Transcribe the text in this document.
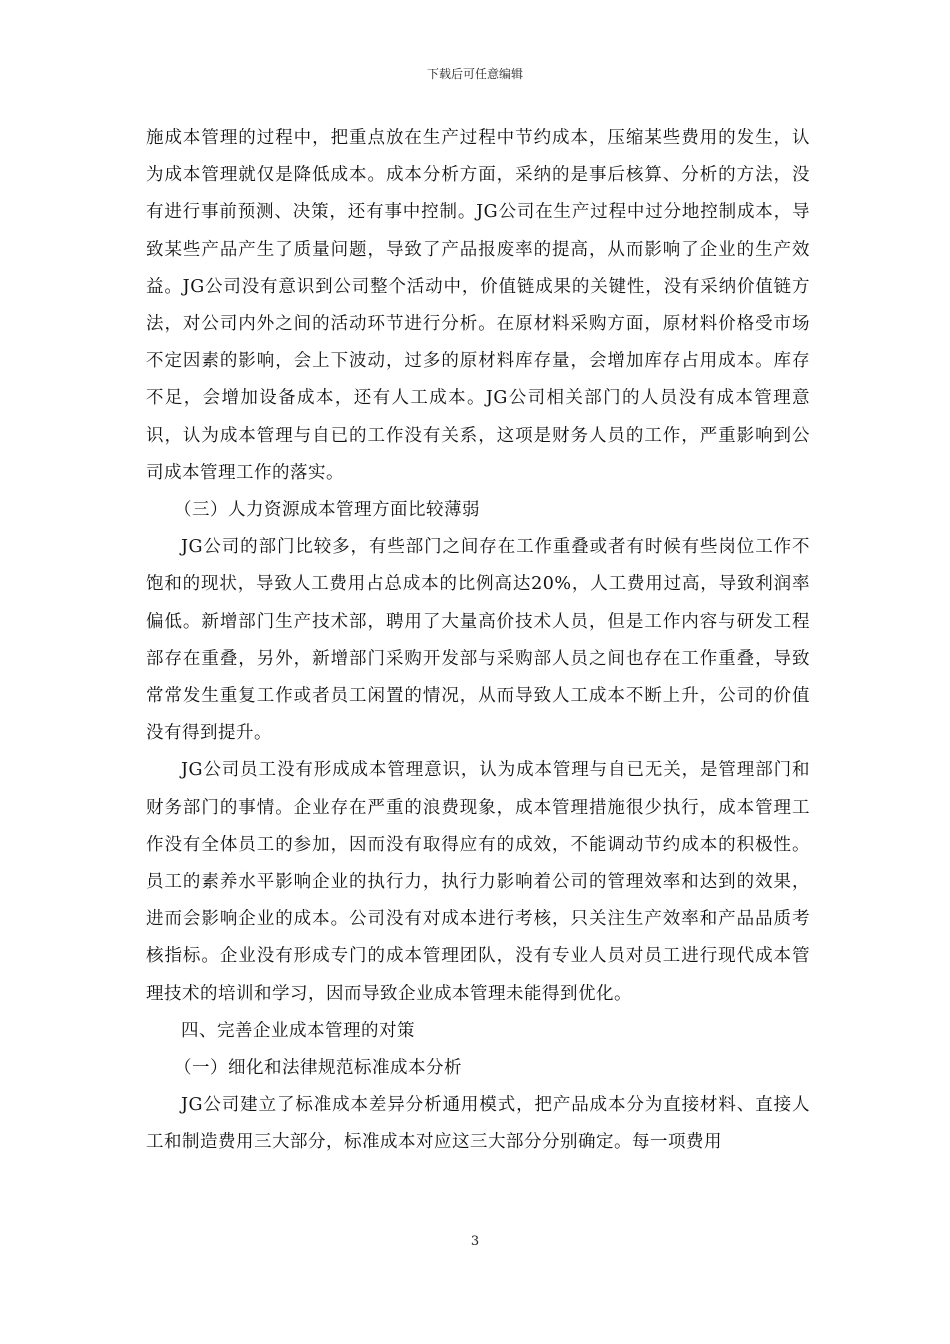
下载后可任意编辑

施成本管理的过程中，把重点放在生产过程中节约成本，压缩某些费用的发生，认为成本管理就仅是降低成本。成本分析方面，采纳的是事后核算、分析的方法，没有进行事前预测、决策，还有事中控制。JG公司在生产过程中过分地控制成本，导致某些产品产生了质量问题，导致了产品报废率的提高，从而影响了企业的生产效益。JG公司没有意识到公司整个活动中，价值链成果的关键性，没有采纳价值链方法，对公司内外之间的活动环节进行分析。在原材料采购方面，原材料价格受市场不定因素的影响，会上下波动，过多的原材料库存量，会增加库存占用成本。库存不足，会增加设备成本，还有人工成本。JG公司相关部门的人员没有成本管理意识，认为成本管理与自已的工作没有关系，这项是财务人员的工作，严重影响到公司成本管理工作的落实。

（三）人力资源成本管理方面比较薄弱

JG公司的部门比较多，有些部门之间存在工作重叠或者有时候有些岗位工作不饱和的现状，导致人工费用占总成本的比例高达20%，人工费用过高，导致利润率偏低。新增部门生产技术部，聘用了大量高价技术人员，但是工作内容与研发工程部存在重叠，另外，新增部门采购开发部与采购部人员之间也存在工作重叠，导致常常发生重复工作或者员工闲置的情况，从而导致人工成本不断上升，公司的价值没有得到提升。

JG公司员工没有形成成本管理意识，认为成本管理与自已无关，是管理部门和财务部门的事情。企业存在严重的浪费现象，成本管理措施很少执行，成本管理工作没有全体员工的参加，因而没有取得应有的成效，不能调动节约成本的积极性。员工的素养水平影响企业的执行力，执行力影响着公司的管理效率和达到的效果，进而会影响企业的成本。公司没有对成本进行考核，只关注生产效率和产品品质考核指标。企业没有形成专门的成本管理团队，没有专业人员对员工进行现代成本管理技术的培训和学习，因而导致企业成本管理未能得到优化。

四、完善企业成本管理的对策

（一）细化和法律规范标准成本分析

JG公司建立了标准成本差异分析通用模式，把产品成本分为直接材料、直接人工和制造费用三大部分，标准成本对应这三大部分分别确定。每一项费用

3
